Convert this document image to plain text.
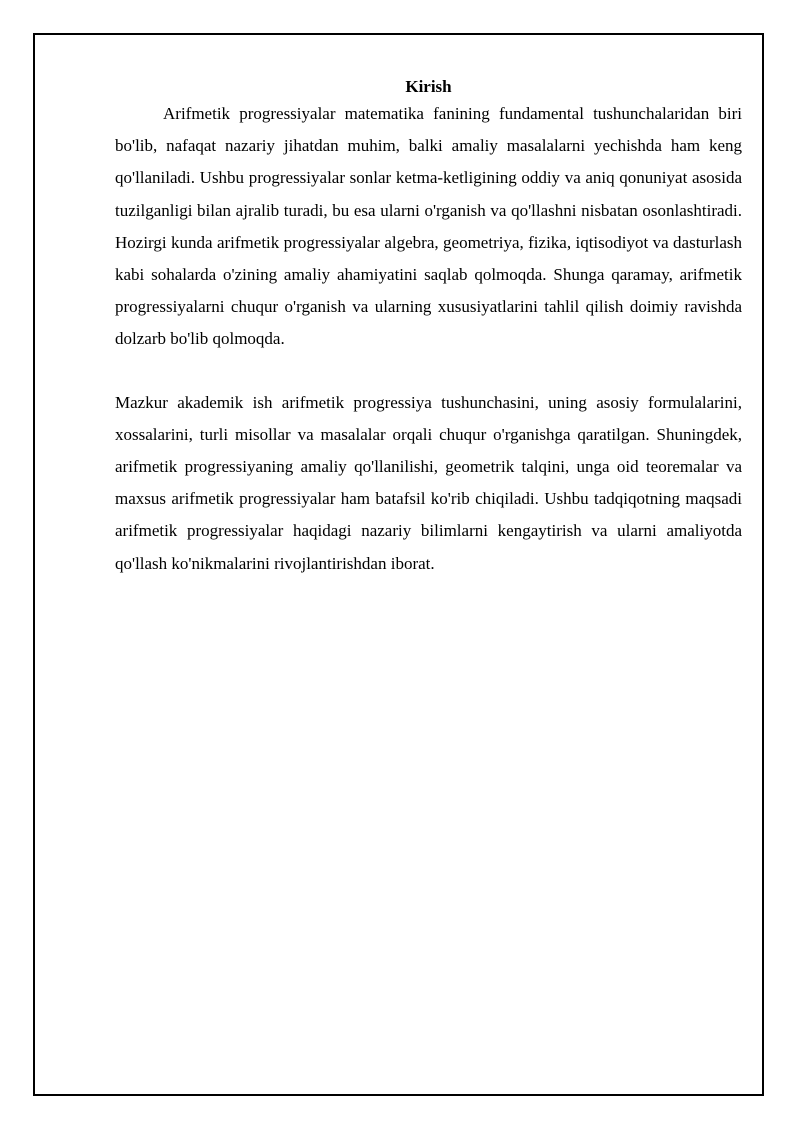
Kirish

Arifmetik progressiyalar matematika fanining fundamental tushunchalaridan biri bo'lib, nafaqat nazariy jihatdan muhim, balki amaliy masalalarni yechishda ham keng qo'llaniladi. Ushbu progressiyalar sonlar ketma-ketligining oddiy va aniq qonuniyat asosida tuzilganligi bilan ajralib turadi, bu esa ularni o'rganish va qo'llashni nisbatan osonlashtiradi. Hozirgi kunda arifmetik progressiyalar algebra, geometriya, fizika, iqtisodiyot va dasturlash kabi sohalarda o'zining amaliy ahamiyatini saqlab qolmoqda. Shunga qaramay, arifmetik progressiyalarni chuqur o'rganish va ularning xususiyatlarini tahlil qilish doimiy ravishda dolzarb bo'lib qolmoqda.

Mazkur akademik ish arifmetik progressiya tushunchasini, uning asosiy formulalarini, xossalarini, turli misollar va masalalar orqali chuqur o'rganishga qaratilgan. Shuningdek, arifmetik progressiyaning amaliy qo'llanilishi, geometrik talqini, unga oid teoremalar va maxsus arifmetik progressiyalar ham batafsil ko'rib chiqiladi. Ushbu tadqiqotning maqsadi arifmetik progressiyalar haqidagi nazariy bilimlarni kengaytirish va ularni amaliyotda qo'llash ko'nikmalarini rivojlantirishdan iborat.
